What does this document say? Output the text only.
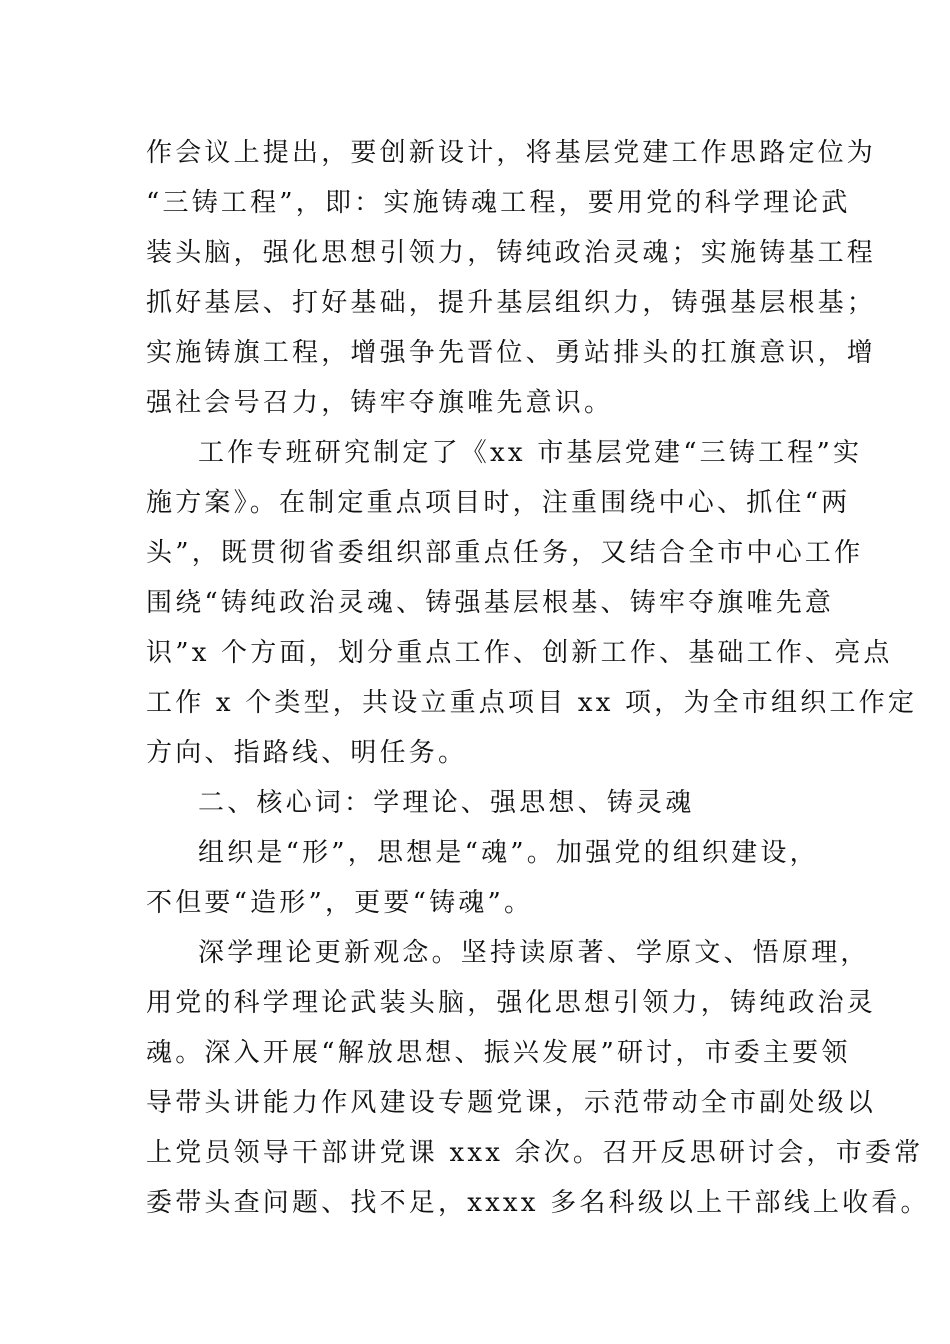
作会议上提出，要创新设计，将基层党建工作思路定位为
“三铸工程”，即：实施铸魂工程，要用党的科学理论武
装头脑，强化思想引领力，铸纯政治灵魂；实施铸基工程
抓好基层、打好基础，提升基层组织力，铸强基层根基；
实施铸旗工程，增强争先晋位、勇站排头的扛旗意识，增
强社会号召力，铸牢夺旗唯先意识。
工作专班研究制定了《xx 市基层党建“三铸工程”实
施方案》。在制定重点项目时，注重围绕中心、抓住“两
头”，既贯彻省委组织部重点任务，又结合全市中心工作
围绕“铸纯政治灵魂、铸强基层根基、铸牢夺旗唯先意
识”x 个方面，划分重点工作、创新工作、基础工作、亮点
工作 x 个类型，共设立重点项目 xx 项，为全市组织工作定
方向、指路线、明任务。
二、核心词：学理论、强思想、铸灵魂
组织是“形”，思想是“魂”。加强党的组织建设，
不但要“造形”，更要“铸魂”。
深学理论更新观念。坚持读原著、学原文、悟原理，
用党的科学理论武装头脑，强化思想引领力，铸纯政治灵
魂。深入开展“解放思想、振兴发展”研讨，市委主要领
导带头讲能力作风建设专题党课，示范带动全市副处级以
上党员领导干部讲党课 xxx 余次。召开反思研讨会，市委常
委带头查问题、找不足，xxxx 多名科级以上干部线上收看。
